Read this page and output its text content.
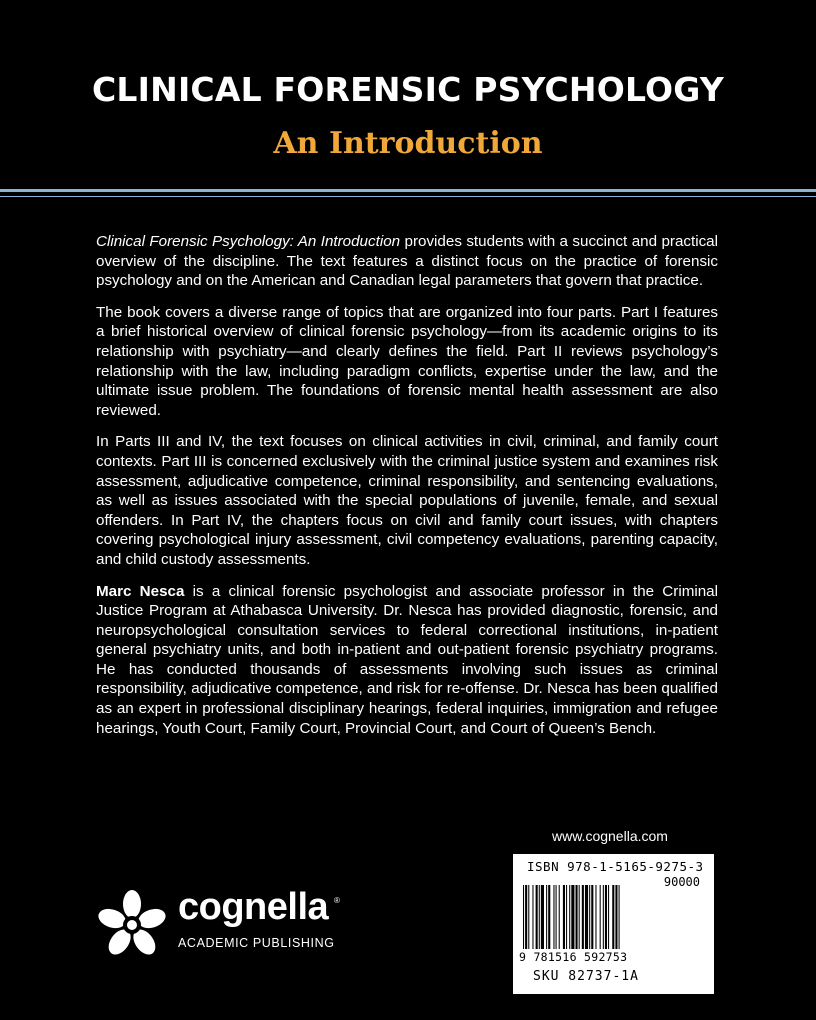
CLINICAL FORENSIC PSYCHOLOGY
An Introduction

Clinical Forensic Psychology: An Introduction provides students with a succinct and practical overview of the discipline. The text features a distinct focus on the practice of forensic psychology and on the American and Canadian legal parameters that govern that practice.

The book covers a diverse range of topics that are organized into four parts. Part I features a brief historical overview of clinical forensic psychology—from its academic origins to its relationship with psychiatry—and clearly defines the field. Part II reviews psychology’s relationship with the law, including paradigm conflicts, expertise under the law, and the ultimate issue problem. The foundations of forensic mental health assessment are also reviewed.

In Parts III and IV, the text focuses on clinical activities in civil, criminal, and family court contexts. Part III is concerned exclusively with the criminal justice system and examines risk assessment, adjudicative competence, criminal responsibility, and sentencing evaluations, as well as issues associated with the special populations of juvenile, female, and sexual offenders. In Part IV, the chapters focus on civil and family court issues, with chapters covering psychological injury assessment, civil competency evaluations, parenting capacity, and child custody assessments.

Marc Nesca is a clinical forensic psychologist and associate professor in the Criminal Justice Program at Athabasca University. Dr. Nesca has provided diagnostic, forensic, and neuropsychological consultation services to federal correctional institutions, in-patient general psychiatry units, and both in-patient and out-patient forensic psychiatry programs. He has conducted thousands of assessments involving such issues as criminal responsibility, adjudicative competence, and risk for re-offense. Dr. Nesca has been qualified as an expert in professional disciplinary hearings, federal inquiries, immigration and refugee hearings, Youth Court, Family Court, Provincial Court, and Court of Queen’s Bench.

www.cognella.com
cognella ®
ACADEMIC PUBLISHING
ISBN 978-1-5165-9275-3
90000
9 781516 592753
SKU 82737-1A
